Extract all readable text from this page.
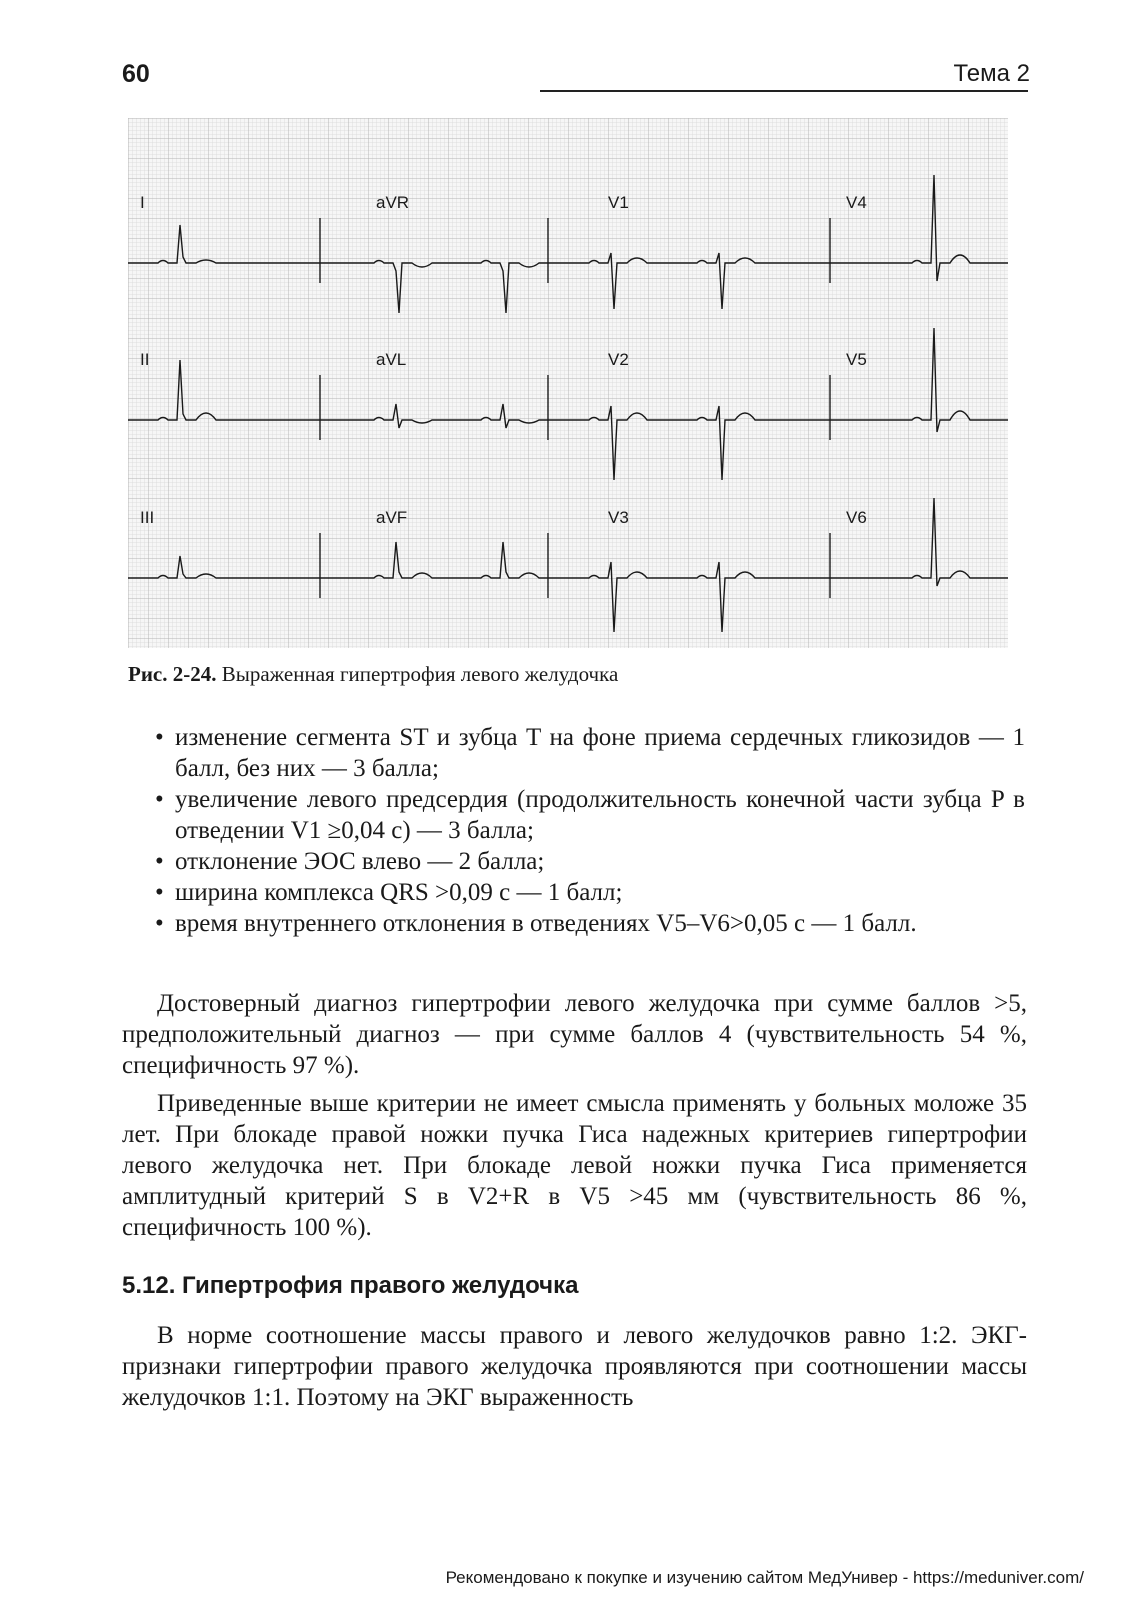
60	Тема 2
I	aVR	V1	V4
II	aVL	V2	V5
III	aVF	V3	V6
Рис. 2-24. Выраженная гипертрофия левого желудочка
• изменение сегмента ST и зубца T на фоне приема сердечных гликозидов — 1 балл, без них — 3 балла;
• увеличение левого предсердия (продолжительность конечной части зубца P в отведении V1 ≥0,04 с) — 3 балла;
• отклонение ЭОС влево — 2 балла;
• ширина комплекса QRS >0,09 с — 1 балл;
• время внутреннего отклонения в отведениях V5–V6>0,05 с — 1 балл.

Достоверный диагноз гипертрофии левого желудочка при сумме баллов >5, предположительный диагноз — при сумме баллов 4 (чувствительность 54 %, специфичность 97 %).

Приведенные выше критерии не имеет смысла применять у больных моложе 35 лет. При блокаде правой ножки пучка Гиса надежных критериев гипертрофии левого желудочка нет. При блокаде левой ножки пучка Гиса применяется амплитудный критерий S в V2+R в V5 >45 мм (чувствительность 86 %, специфичность 100 %).

5.12. Гипертрофия правого желудочка

В норме соотношение массы правого и левого желудочков равно 1:2. ЭКГ-признаки гипертрофии правого желудочка проявляются при соотношении массы желудочков 1:1. Поэтому на ЭКГ выраженность

Рекомендовано к покупке и изучению сайтом МедУнивер - https://meduniver.com/
